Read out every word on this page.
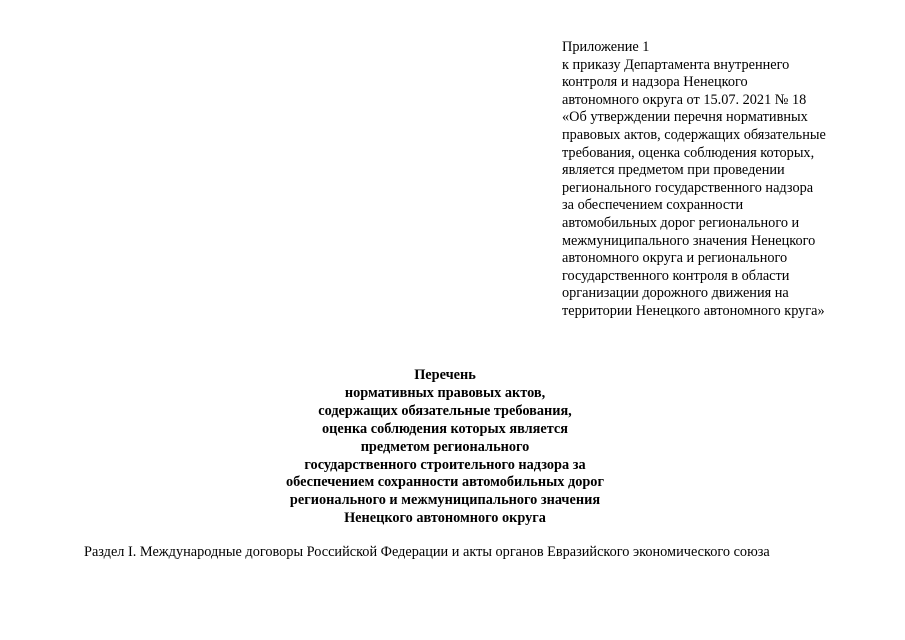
Приложение 1
к приказу Департамента внутреннего
контроля и надзора Ненецкого
автономного округа от 15.07. 2021 № 18
«Об утверждении перечня нормативных
правовых актов, содержащих обязательные
требования, оценка соблюдения которых,
является предметом при проведении
регионального государственного надзора
за обеспечением сохранности
автомобильных дорог регионального и
межмуниципального значения Ненецкого
автономного округа и регионального
государственного контроля в области
организации дорожного движения на
территории Ненецкого автономного круга»
Перечень
нормативных правовых актов,
содержащих обязательные требования,
оценка соблюдения которых является
предметом регионального
государственного строительного надзора за
обеспечением сохранности автомобильных дорог
регионального и межмуниципального значения
Ненецкого автономного округа
Раздел I. Международные договоры Российской Федерации и акты органов Евразийского экономического союза
